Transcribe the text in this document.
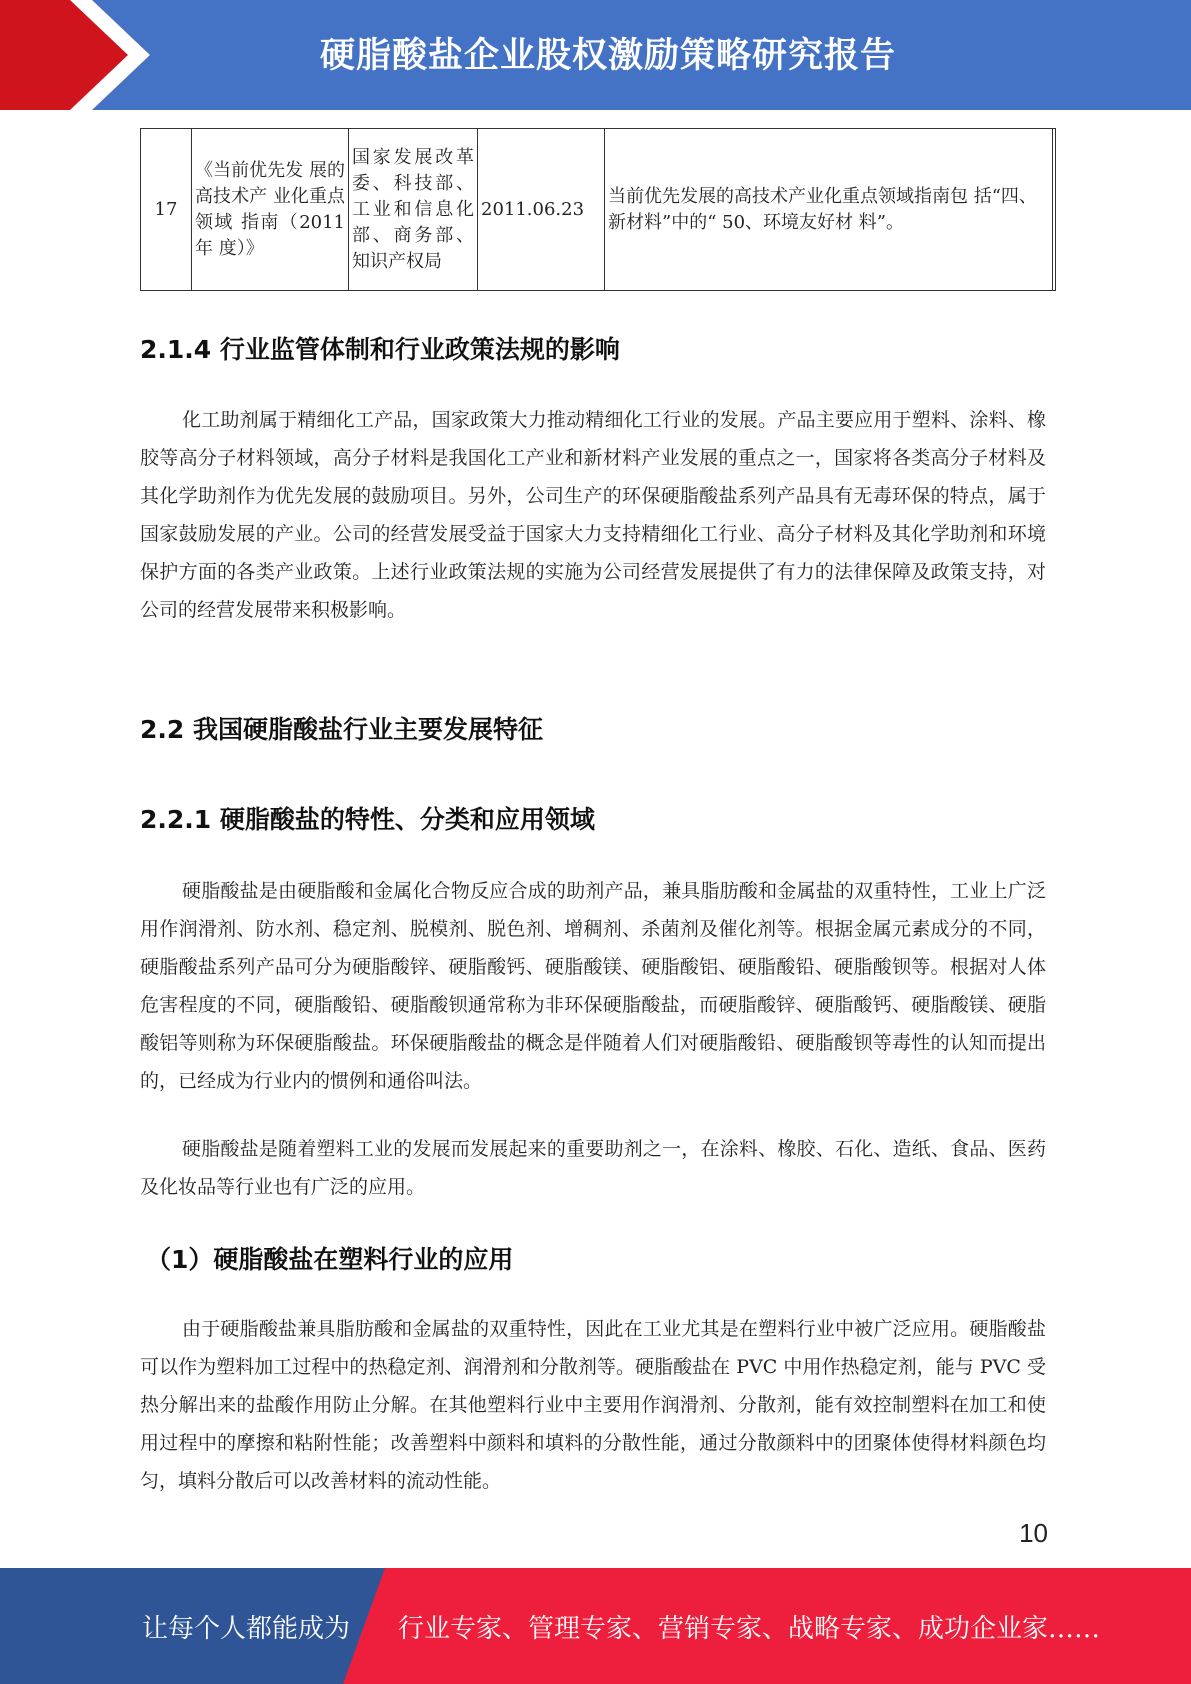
硬脂酸盐企业股权激励策略研究报告
17	《当前优先发 展的高技术产 业化重点领域 指南（2011 年 度）》	国家发展改革委、科技部、工业和信息化部、商务部、知识产权局	2011.06.23	当前优先发展的高技术产业化重点领域指南包 括“四、新材料”中的“ 50、环境友好材 料”。
2.1.4 行业监管体制和行业政策法规的影响

化工助剂属于精细化工产品，国家政策大力推动精细化工行业的发展。产品主要应用于塑料、涂料、橡胶等高分子材料领域，高分子材料是我国化工产业和新材料产业发展的重点之一，国家将各类高分子材料及其化学助剂作为优先发展的鼓励项目。另外，公司生产的环保硬脂酸盐系列产品具有无毒环保的特点，属于国家鼓励发展的产业。公司的经营发展受益于国家大力支持精细化工行业、高分子材料及其化学助剂和环境保护方面的各类产业政策。上述行业政策法规的实施为公司经营发展提供了有力的法律保障及政策支持，对公司的经营发展带来积极影响。

2.2 我国硬脂酸盐行业主要发展特征
2.2.1 硬脂酸盐的特性、分类和应用领域

硬脂酸盐是由硬脂酸和金属化合物反应合成的助剂产品，兼具脂肪酸和金属盐的双重特性，工业上广泛用作润滑剂、防水剂、稳定剂、脱模剂、脱色剂、增稠剂、杀菌剂及催化剂等。根据金属元素成分的不同，硬脂酸盐系列产品可分为硬脂酸锌、硬脂酸钙、硬脂酸镁、硬脂酸铝、硬脂酸铅、硬脂酸钡等。根据对人体危害程度的不同，硬脂酸铅、硬脂酸钡通常称为非环保硬脂酸盐，而硬脂酸锌、硬脂酸钙、硬脂酸镁、硬脂酸铝等则称为环保硬脂酸盐。环保硬脂酸盐的概念是伴随着人们对硬脂酸铅、硬脂酸钡等毒性的认知而提出的，已经成为行业内的惯例和通俗叫法。

硬脂酸盐是随着塑料工业的发展而发展起来的重要助剂之一，在涂料、橡胶、石化、造纸、食品、医药及化妆品等行业也有广泛的应用。

（1）硬脂酸盐在塑料行业的应用

由于硬脂酸盐兼具脂肪酸和金属盐的双重特性，因此在工业尤其是在塑料行业中被广泛应用。硬脂酸盐可以作为塑料加工过程中的热稳定剂、润滑剂和分散剂等。硬脂酸盐在 PVC 中用作热稳定剂，能与 PVC 受热分解出来的盐酸作用防止分解。在其他塑料行业中主要用作润滑剂、分散剂，能有效控制塑料在加工和使用过程中的摩擦和粘附性能；改善塑料中颜料和填料的分散性能，通过分散颜料中的团聚体使得材料颜色均匀，填料分散后可以改善材料的流动性能。

10
让每个人都能成为 行业专家、管理专家、营销专家、战略专家、成功企业家……
